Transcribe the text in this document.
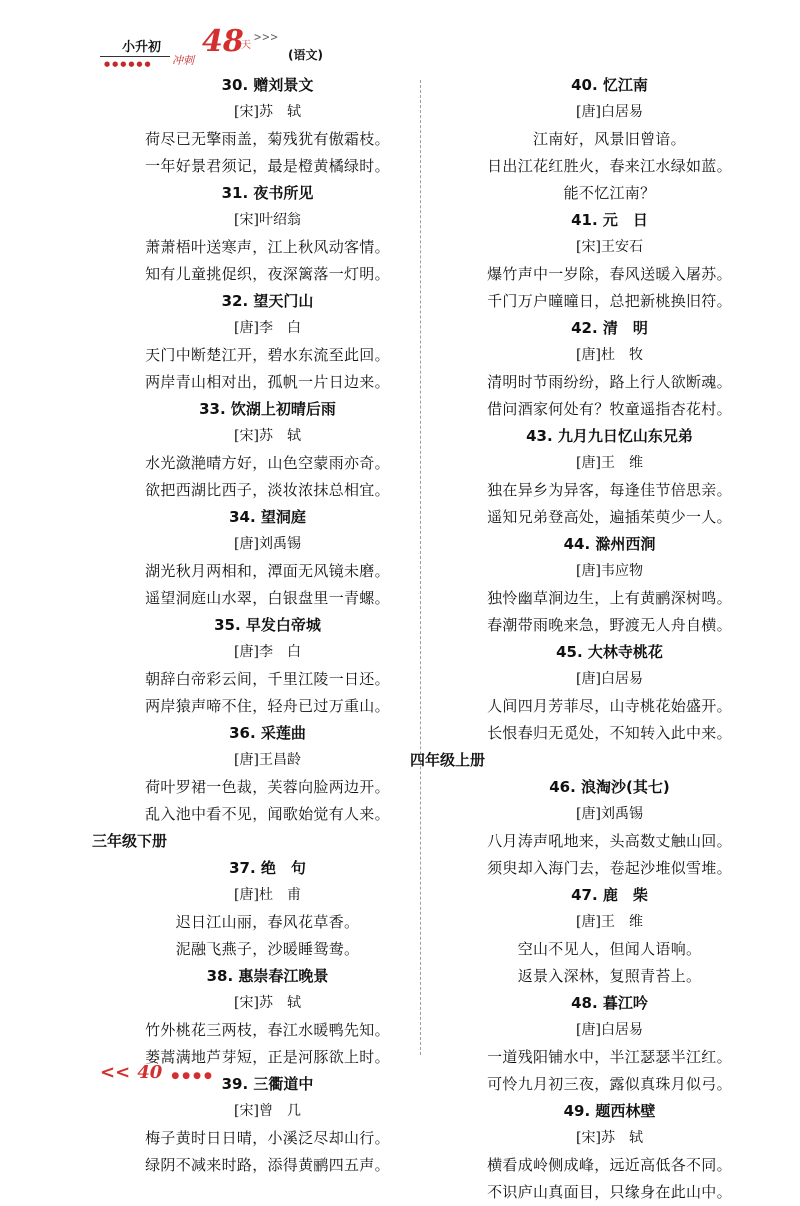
小升初
冲刺
48
天
>>>
(语文)
●●●●●●
30. 赠刘景文
[宋]苏　轼
荷尽已无擎雨盖，菊残犹有傲霜枝。
一年好景君须记，最是橙黄橘绿时。
31. 夜书所见
[宋]叶绍翁
萧萧梧叶送寒声，江上秋风动客情。
知有儿童挑促织，夜深篱落一灯明。
32. 望天门山
[唐]李　白
天门中断楚江开，碧水东流至此回。
两岸青山相对出，孤帆一片日边来。
33. 饮湖上初晴后雨
[宋]苏　轼
水光潋滟晴方好，山色空蒙雨亦奇。
欲把西湖比西子，淡妆浓抹总相宜。
34. 望洞庭
[唐]刘禹锡
湖光秋月两相和，潭面无风镜未磨。
遥望洞庭山水翠，白银盘里一青螺。
35. 早发白帝城
[唐]李　白
朝辞白帝彩云间，千里江陵一日还。
两岸猿声啼不住，轻舟已过万重山。
36. 采莲曲
[唐]王昌龄
荷叶罗裙一色裁，芙蓉向脸两边开。
乱入池中看不见，闻歌始觉有人来。
三年级下册
37. 绝　句
[唐]杜　甫
迟日江山丽，春风花草香。
泥融飞燕子，沙暖睡鸳鸯。
38. 惠崇春江晚景
[宋]苏　轼
竹外桃花三两枝，春江水暖鸭先知。
蒌蒿满地芦芽短，正是河豚欲上时。
39. 三衢道中
[宋]曾　几
梅子黄时日日晴，小溪泛尽却山行。
绿阴不减来时路，添得黄鹂四五声。
40. 忆江南
[唐]白居易
江南好，风景旧曾谙。
日出江花红胜火，春来江水绿如蓝。
能不忆江南？
41. 元　日
[宋]王安石
爆竹声中一岁除，春风送暖入屠苏。
千门万户曈曈日，总把新桃换旧符。
42. 清　明
[唐]杜　牧
清明时节雨纷纷，路上行人欲断魂。
借问酒家何处有？牧童遥指杏花村。
43. 九月九日忆山东兄弟
[唐]王　维
独在异乡为异客，每逢佳节倍思亲。
遥知兄弟登高处，遍插茱萸少一人。
44. 滁州西涧
[唐]韦应物
独怜幽草涧边生，上有黄鹂深树鸣。
春潮带雨晚来急，野渡无人舟自横。
45. 大林寺桃花
[唐]白居易
人间四月芳菲尽，山寺桃花始盛开。
长恨春归无觅处，不知转入此中来。
四年级上册
46. 浪淘沙(其七)
[唐]刘禹锡
八月涛声吼地来，头高数丈触山回。
须臾却入海门去，卷起沙堆似雪堆。
47. 鹿　柴
[唐]王　维
空山不见人，但闻人语响。
返景入深林，复照青苔上。
48. 暮江吟
[唐]白居易
一道残阳铺水中，半江瑟瑟半江红。
可怜九月初三夜，露似真珠月似弓。
49. 题西林壁
[宋]苏　轼
横看成岭侧成峰，远近高低各不同。
不识庐山真面目，只缘身在此山中。
<< 40 ●●●●
